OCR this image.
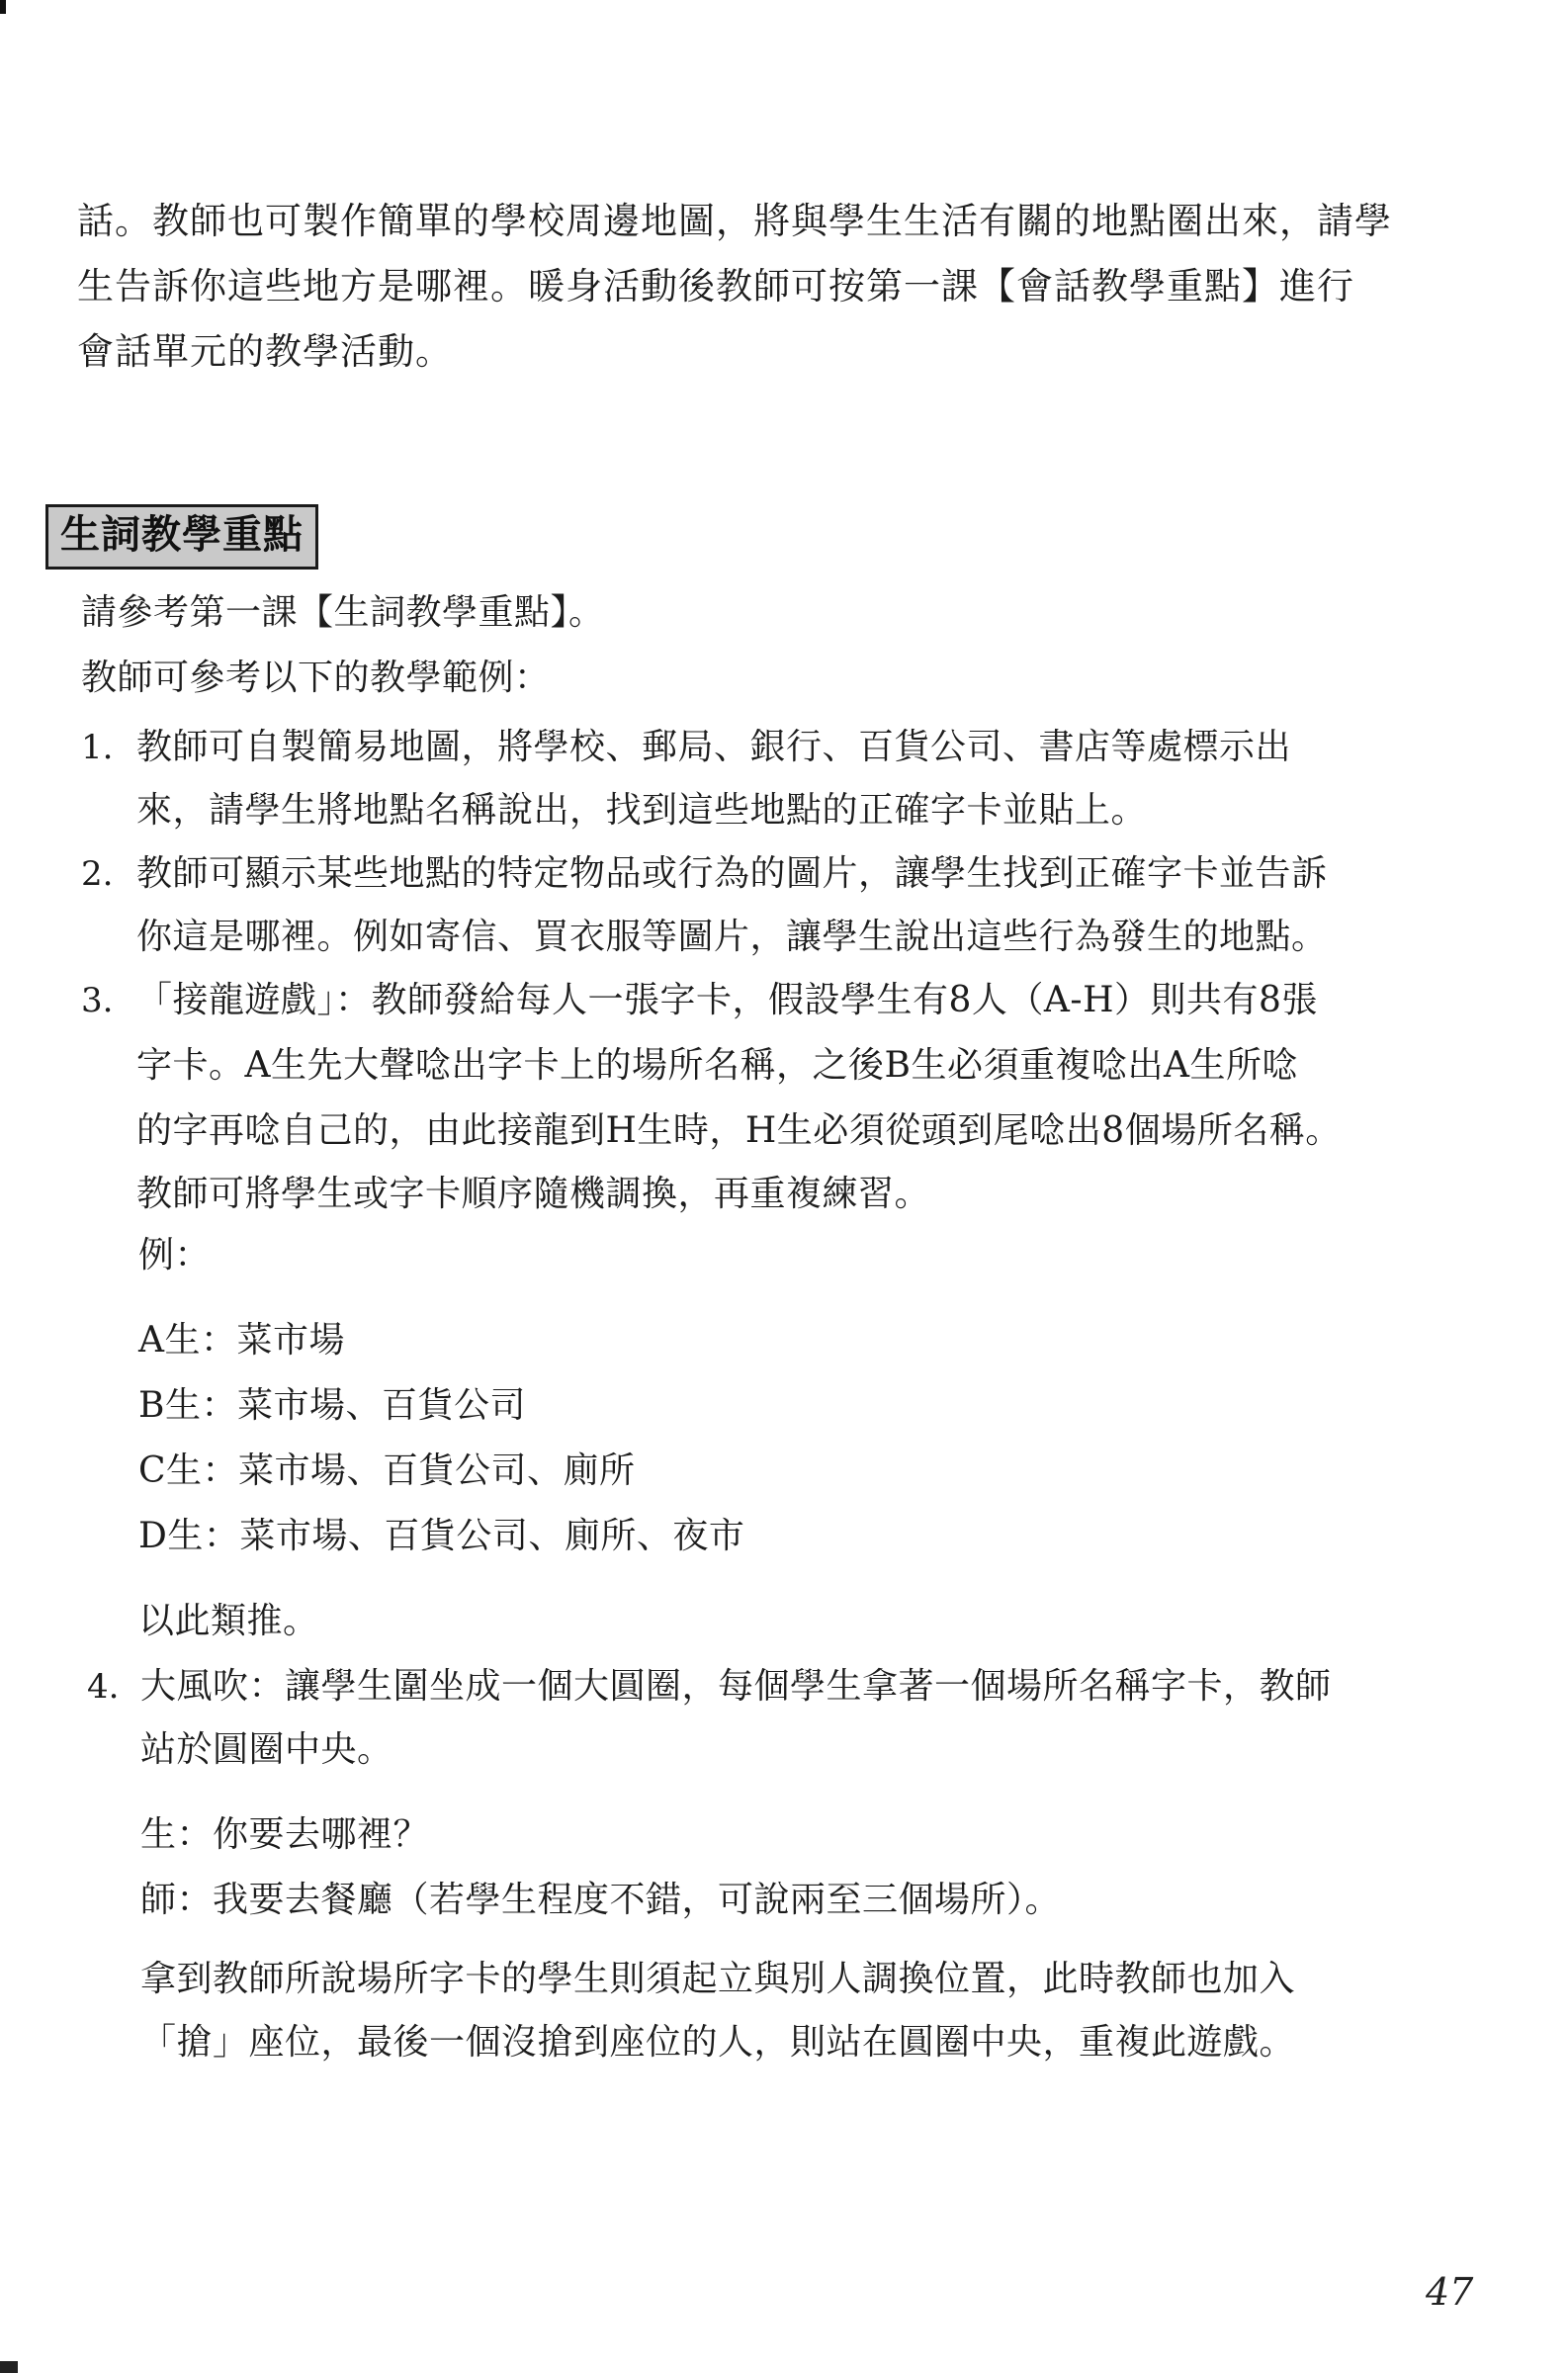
話。教師也可製作簡單的學校周邊地圖，將與學生生活有關的地點圈出來，請學
生告訴你這些地方是哪裡。暖身活動後教師可按第一課【會話教學重點】進行
會話單元的教學活動。
生詞教學重點
請參考第一課【生詞教學重點】。
教師可參考以下的教學範例：
1. 教師可自製簡易地圖，將學校、郵局、銀行、百貨公司、書店等處標示出
來，請學生將地點名稱說出，找到這些地點的正確字卡並貼上。
2. 教師可顯示某些地點的特定物品或行為的圖片，讓學生找到正確字卡並告訴
你這是哪裡。例如寄信、買衣服等圖片，讓學生說出這些行為發生的地點。
3. 「接龍遊戲」：教師發給每人一張字卡，假設學生有8人（A-H）則共有8張
字卡。A生先大聲唸出字卡上的場所名稱，之後B生必須重複唸出A生所唸
的字再唸自己的，由此接龍到H生時，H生必須從頭到尾唸出8個場所名稱。
教師可將學生或字卡順序隨機調換，再重複練習。
例：
A生：菜市場
B生：菜市場、百貨公司
C生：菜市場、百貨公司、廁所
D生：菜市場、百貨公司、廁所、夜市
以此類推。
4. 大風吹：讓學生圍坐成一個大圓圈，每個學生拿著一個場所名稱字卡，教師
站於圓圈中央。
生：你要去哪裡？
師：我要去餐廳（若學生程度不錯，可說兩至三個場所）。
拿到教師所說場所字卡的學生則須起立與別人調換位置，此時教師也加入
「搶」座位，最後一個沒搶到座位的人，則站在圓圈中央，重複此遊戲。
47
